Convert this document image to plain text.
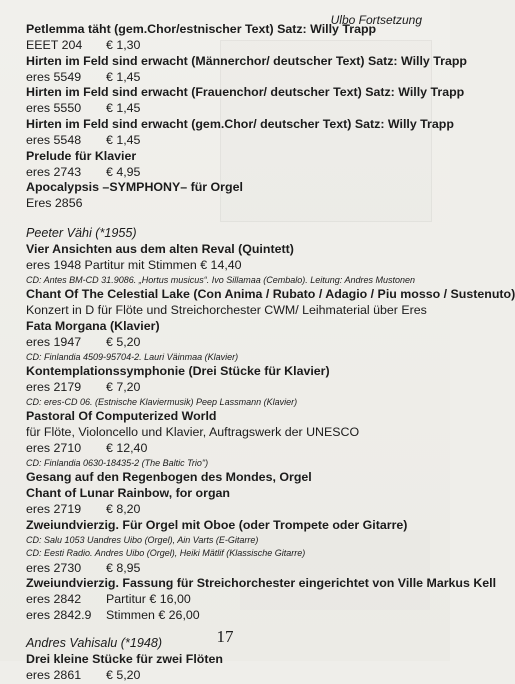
Ulbo Fortsetzung
Petlemma täht (gem.Chor/estnischer Text) Satz: Willy Trapp
EEET 204 € 1,30
Hirten im Feld sind erwacht (Männerchor/ deutscher Text) Satz: Willy Trapp
eres 5549 € 1,45
Hirten im Feld sind erwacht (Frauenchor/ deutscher Text) Satz: Willy Trapp
eres 5550 € 1,45
Hirten im Feld sind erwacht (gem.Chor/ deutscher Text) Satz: Willy Trapp
eres 5548 € 1,45
Prelude für Klavier
eres 2743 € 4,95
Apocalypsis –SYMPHONY– für Orgel
Eres 2856
Peeter Vähi (*1955)
Vier Ansichten aus dem alten Reval (Quintett)
eres 1948 Partitur mit Stimmen € 14,40
CD: Antes BM-CD 31.9086. „Hortus musicus“. Ivo Sillamaa (Cembalo). Leitung: Andres Mustonen
Chant Of The Celestial Lake (Con Anima / Rubato / Adagio / Piu mosso / Sustenuto)
Konzert in D für Flöte und Streichorchester CWM/ Leihmaterial über Eres
Fata Morgana (Klavier)
eres 1947 € 5,20
CD: Finlandia 4509-95704-2. Lauri Väinmaa (Klavier)
Kontemplationssymphonie (Drei Stücke für Klavier)
eres 2179 € 7,20
CD: eres-CD 06. (Estnische Klaviermusik) Peep Lassmann (Klavier)
Pastoral Of Computerized World
für Flöte, Violoncello und Klavier, Auftragswerk der UNESCO
eres 2710 € 12,40
CD: Finlandia 0630-18435-2 (The Baltic Trio")
Gesang auf den Regenbogen des Mondes, Orgel
Chant of Lunar Rainbow, for organ
eres 2719 € 8,20
Zweiundvierzig. Für Orgel mit Oboe (oder Trompete oder Gitarre)
CD: Salu 1053 Uandres Uibo (Orgel), Ain Varts (E-Gitarre)
CD: Eesti Radio. Andres Uibo (Orgel), Heiki Mätlif (Klassische Gitarre)
eres 2730 € 8,95
Zweiundvierzig. Fassung für Streichorchester eingerichtet von Ville Markus Kell
eres 2842 Partitur € 16,00
eres 2842.9 Stimmen € 26,00
Andres Vahisalu (*1948)
Drei kleine Stücke für zwei Flöten
eres 2861 € 5,20
17
